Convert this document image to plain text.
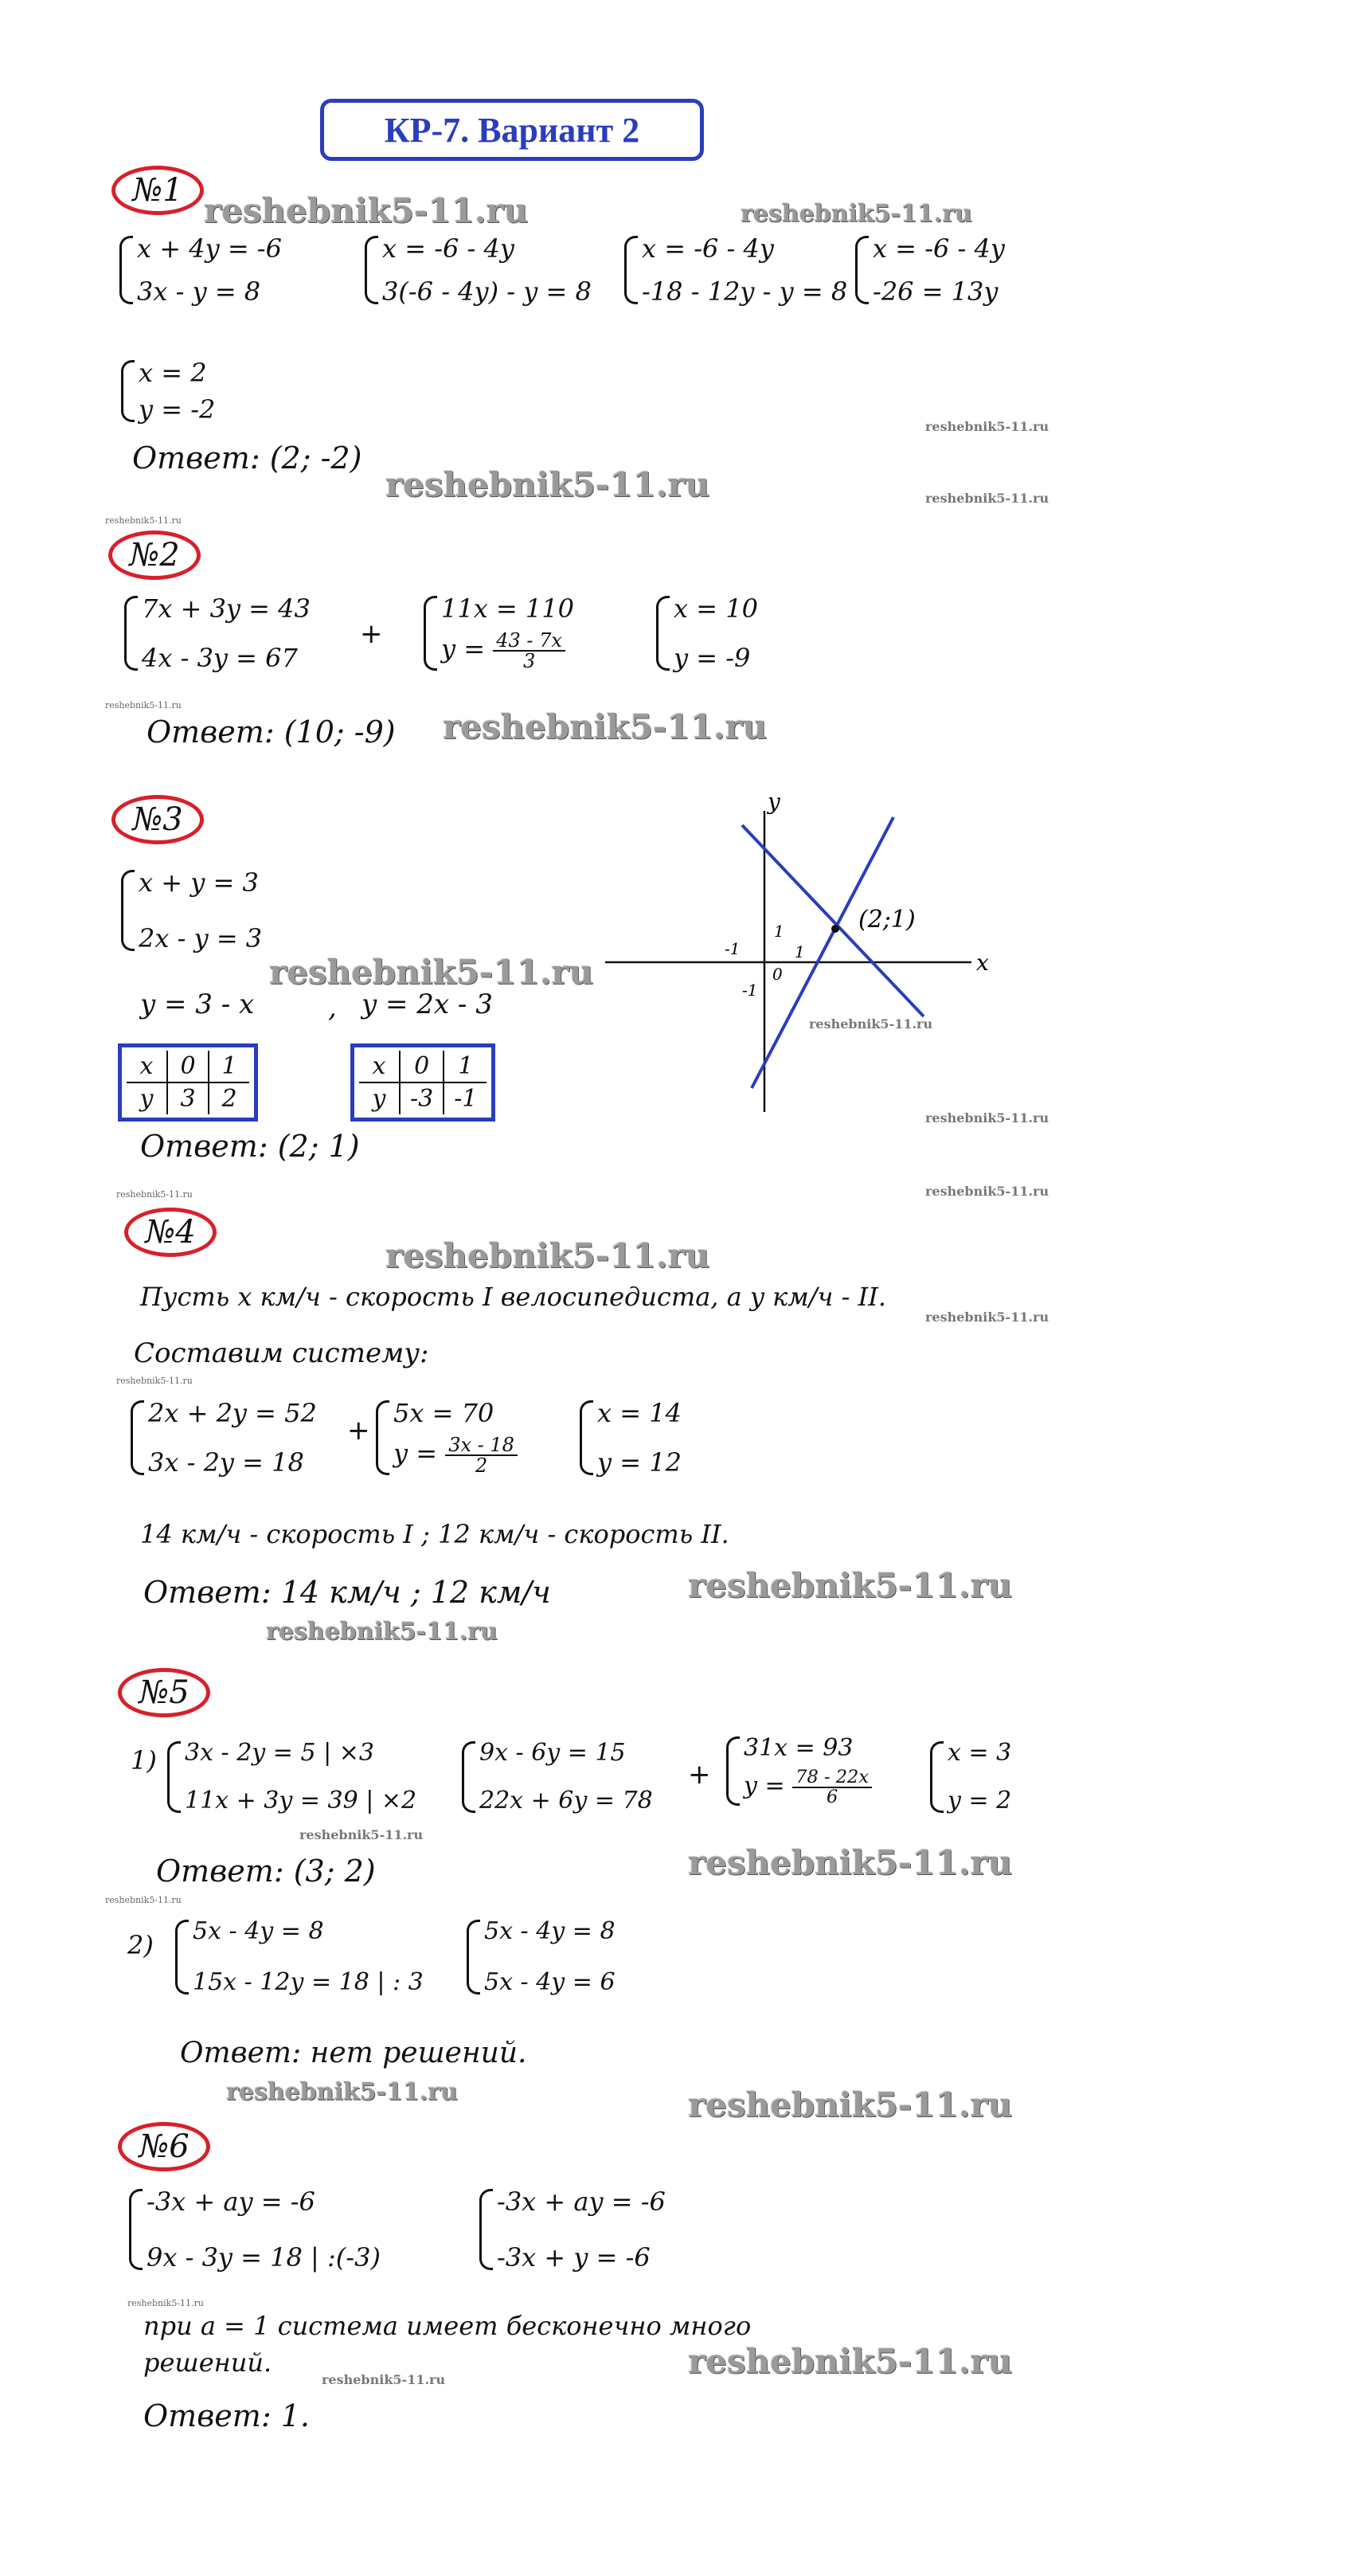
КР-7. Вариант 2
№1
reshebnik5-11.ru	reshebnik5-11.ru
x + 4y = -6
3x - y = 8
x = -6 - 4y
3(-6 - 4y) - y = 8
x = -6 - 4y
-18 - 12y - y = 8
x = -6 - 4y
-26 = 13y
x = 2
y = -2
reshebnik5-11.ru
Ответ: (2; -2)
reshebnik5-11.ru	reshebnik5-11.ru
reshebnik5-11.ru
№2
7x + 3y = 43
4x - 3y = 67
+
11x = 110
$y = \frac{43 - 7x}{3}$
x = 10
y = -9
reshebnik5-11.ru
Ответ: (10; -9) reshebnik5-11.ru
№3
x + y = 3
2x - y = 3
reshebnik5-11.ru
y = 3 - x	, y = 2x - 3
x	0	1
y	3	2
x	0	1
y	-3	-1
y
x
(2;1)
-1
1
0
1
-1
reshebnik5-11.ru
reshebnik5-11.ru
Ответ: (2; 1)
reshebnik5-11.ru	reshebnik5-11.ru
№4
reshebnik5-11.ru
Пусть x км/ч - скорость I велосипедиста, а y км/ч - II.
reshebnik5-11.ru
Составим систему:
reshebnik5-11.ru
2x + 2y = 52
3x - 2y = 18
+
5x = 70
$y = \frac{3x - 18}{2}$
x = 14
y = 12
14 км/ч - скорость I ; 12 км/ч - скорость II.
Ответ: 14 км/ч ; 12 км/ч	reshebnik5-11.ru
reshebnik5-11.ru
№5
1) 3x - 2y = 5 | ×3
11x + 3y = 39 | ×2
9x - 6y = 15
22x + 6y = 78
+
31x = 93
$y = \frac{78 - 22x}{6}$
x = 3
y = 2
reshebnik5-11.ru
Ответ: (3; 2)	reshebnik5-11.ru
reshebnik5-11.ru
2) 5x - 4y = 8
15x - 12y = 18 | : 3
5x - 4y = 8
5x - 4y = 6
Ответ: нет решений.
reshebnik5-11.ru	reshebnik5-11.ru
№6
-3x + ay = -6
9x - 3y = 18 | :(-3)
-3x + ay = -6
-3x + y = -6
reshebnik5-11.ru
при a = 1 система имеет бесконечно много
решений.	reshebnik5-11.ru
reshebnik5-11.ru
Ответ: 1.
